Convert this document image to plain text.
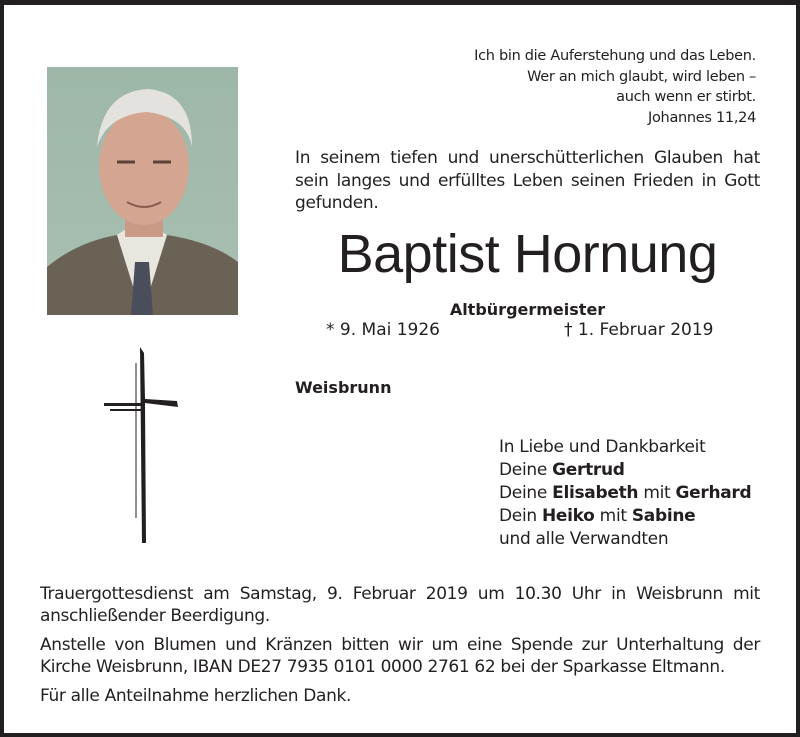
Ich bin die Auferstehung und das Leben.
Wer an mich glaubt, wird leben –
auch wenn er stirbt.
Johannes 11,24
In seinem tiefen und unerschütterlichen Glauben hat sein langes und erfülltes Leben seinen Frieden in Gott gefunden.
Baptist Hornung
Altbürgermeister
* 9. Mai 1926	† 1. Februar 2019
Weisbrunn
In Liebe und Dankbarkeit
Deine Gertrud
Deine Elisabeth mit Gerhard
Dein Heiko mit Sabine
und alle Verwandten

Trauergottesdienst am Samstag, 9. Februar 2019 um 10.30 Uhr in Weisbrunn mit anschließender Beerdigung.

Anstelle von Blumen und Kränzen bitten wir um eine Spende zur Unterhaltung der Kirche Weisbrunn, IBAN DE27 7935 0101 0000 2761 62 bei der Sparkasse Eltmann.

Für alle Anteilnahme herzlichen Dank.
